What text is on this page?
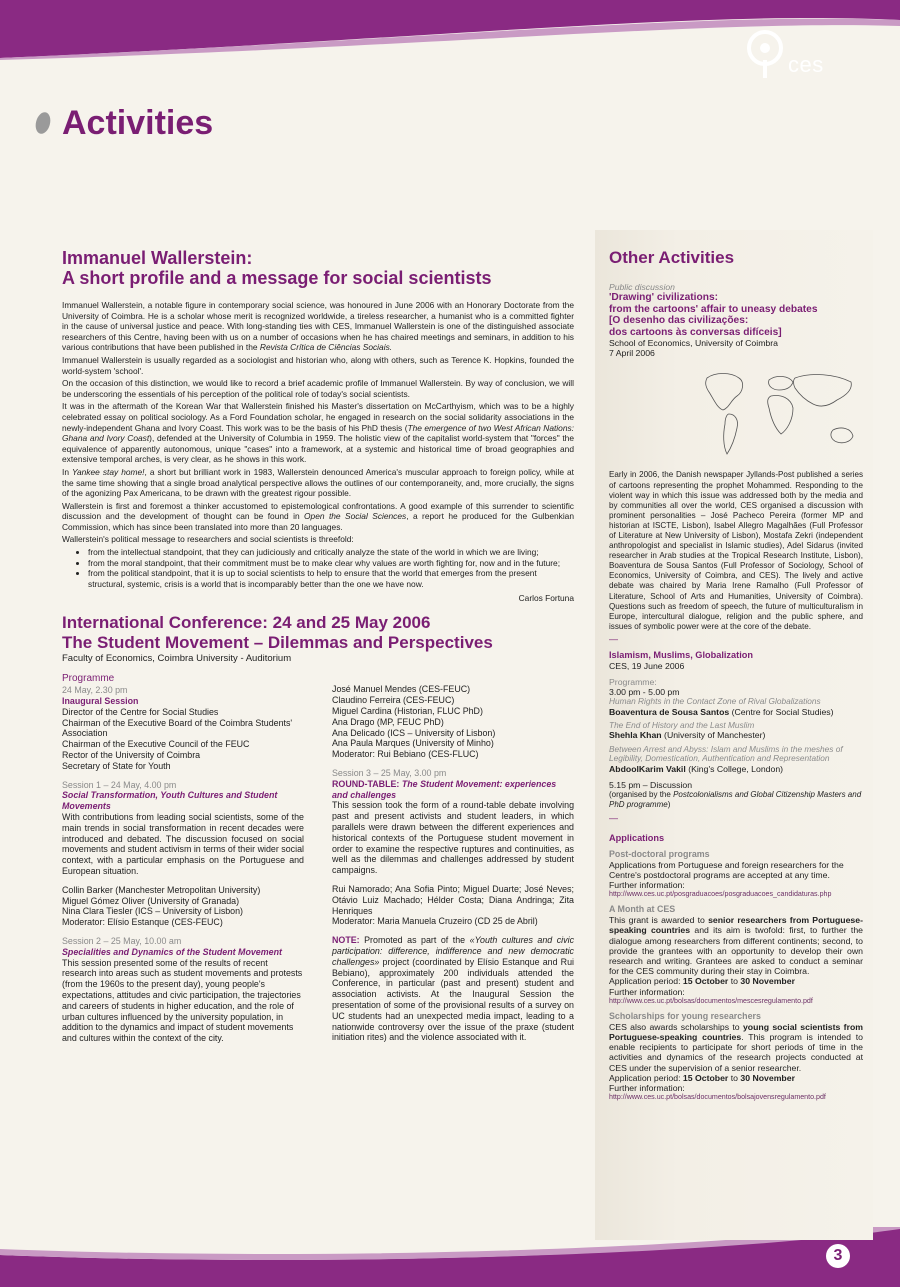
ces
Activities
Immanuel Wallerstein:
A short profile and a message for social scientists

Immanuel Wallerstein, a notable figure in contemporary social science, was honoured in June 2006 with an Honorary Doctorate from the University of Coimbra. He is a scholar whose merit is recognized worldwide, a tireless researcher, a humanist who is a committed fighter in the cause of universal justice and peace. With long-standing ties with CES, Immanuel Wallerstein is one of the distinguished associate researchers of this Centre, having been with us on a number of occasions when he has chaired meetings and seminars, in addition to his various contributions that have been published in the Revista Crítica de Ciências Sociais.

Immanuel Wallerstein is usually regarded as a sociologist and historian who, along with others, such as Terence K. Hopkins, founded the world-system 'school'.

On the occasion of this distinction, we would like to record a brief academic profile of Immanuel Wallerstein. By way of conclusion, we will be underscoring the essentials of his perception of the political role of today's social scientists.

It was in the aftermath of the Korean War that Wallerstein finished his Master's dissertation on McCarthyism, which was to be a highly celebrated essay on political sociology. As a Ford Foundation scholar, he engaged in research on the social solidarity associations in the newly-independent Ghana and Ivory Coast. This work was to be the basis of his PhD thesis (The emergence of two West African Nations: Ghana and Ivory Coast), defended at the University of Columbia in 1959. The holistic view of the capitalist world-system that "forces" the equivalence of apparently autonomous, unique "cases" into a framework, at a systemic and historical time of broad geographies and extensive temporal arches, is very clear, as he shows in this work.

In Yankee stay home!, a short but brilliant work in 1983, Wallerstein denounced America's muscular approach to foreign policy, while at the same time showing that a single broad analytical perspective allows the outlines of our contemporaneity, and, more crucially, the signs of the agonizing Pax Americana, to be drawn with the greatest rigour possible.

Wallerstein is first and foremost a thinker accustomed to epistemological confrontations. A good example of this surrender to scientific discussion and the development of thought can be found in Open the Social Sciences, a report he produced for the Gulbenkian Commission, which has since been translated into more than 20 languages.

Wallerstein's political message to researchers and social scientists is threefold:

• from the intellectual standpoint, that they can judiciously and critically analyze the state of the world in which we are living;
• from the moral standpoint, that their commitment must be to make clear why values are worth fighting for, now and in the future;
• from the political standpoint, that it is up to social scientists to help to ensure that the world that emerges from the present structural, systemic, crisis is a world that is incomparably better than the one we have now.

Carlos Fortuna

International Conference: 24 and 25 May 2006
The Student Movement – Dilemmas and Perspectives

Faculty of Economics, Coimbra University - Auditorium

Programme

24 May, 2.30 pm

Inaugural Session

Director of the Centre for Social Studies

Chairman of the Executive Board of the Coimbra Students' Association

Chairman of the Executive Council of the FEUC

Rector of the University of Coimbra

Secretary of State for Youth

Session 1 – 24 May, 4.00 pm

Social Transformation, Youth Cultures and Student Movements

With contributions from leading social scientists, some of the main trends in social transformation in recent decades were introduced and debated. The discussion focused on social movements and student activism in terms of their wider social context, with a particular emphasis on the Portuguese and European situation.

Collin Barker (Manchester Metropolitan University)

Miguel Gómez Oliver (University of Granada)

Nina Clara Tiesler (ICS – University of Lisbon)

Moderator: Elísio Estanque (CES-FEUC)

Session 2 – 25 May, 10.00 am

Specialities and Dynamics of the Student Movement

This session presented some of the results of recent research into areas such as student movements and protests (from the 1960s to the present day), young people's expectations, attitudes and civic participation, the trajectories and careers of students in higher education, and the role of urban cultures influenced by the university population, in addition to the dynamics and impact of student movements and cultures within the context of the city.

José Manuel Mendes (CES-FEUC)

Claudino Ferreira (CES-FEUC)

Miguel Cardina (Historian, FLUC PhD)

Ana Drago (MP, FEUC PhD)

Ana Delicado (ICS – University of Lisbon)

Ana Paula Marques (University of Minho)

Moderator: Rui Bebiano (CES-FLUC)

Session 3 – 25 May, 3.00 pm

ROUND-TABLE: The Student Movement: experiences and challenges

This session took the form of a round-table debate involving past and present activists and student leaders, in which parallels were drawn between the different experiences and historical contexts of the Portuguese student movement in order to examine the respective ruptures and continuities, as well as the dilemmas and challenges addressed by student campaigns.

Rui Namorado; Ana Sofia Pinto; Miguel Duarte; José Neves; Otávio Luiz Machado; Hélder Costa; Diana Andringa; Zita Henriques

Moderator: Maria Manuela Cruzeiro (CD 25 de Abril)

NOTE: Promoted as part of the «Youth cultures and civic participation: difference, indifference and new democratic challenges» project (coordinated by Elísio Estanque and Rui Bebiano), approximately 200 individuals attended the Conference, in particular (past and present) student and association activists. At the Inaugural Session the presentation of some of the provisional results of a survey on UC students had an unexpected media impact, leading to a nationwide controversy over the issue of the praxe (student initiation rites) and the violence associated with it.

Other Activities

Public discussion

'Drawing' civilizations:
from the cartoons' affair to uneasy debates
[O desenho das civilizações:
dos cartoons às conversas difíceis]

School of Economics, University of Coimbra

7 April 2006

Early in 2006, the Danish newspaper Jyllands-Post published a series of cartoons representing the prophet Mohammed. Responding to the violent way in which this issue was addressed both by the media and by communities all over the world, CES organised a discussion with prominent personalities – José Pacheco Pereira (former MP and historian at ISCTE, Lisbon), Isabel Allegro Magalhães (Full Professor of Literature at New University of Lisbon), Mostafa Zekri (independent anthropologist and specialist in Islamic studies), Adel Sidarus (invited researcher in Arab studies at the Tropical Research Institute, Lisbon), Boaventura de Sousa Santos (Full Professor of Sociology, School of Economics, University of Coimbra, and CES). The lively and active debate was chaired by Maria Irene Ramalho (Full Professor of Literature, School of Arts and Humanities, University of Coimbra). Questions such as freedom of speech, the future of multiculturalism in Europe, intercultural dialogue, religion and the public sphere, and issues of symbolic power were at the core of the debate.

—

Islamism, Muslims, Globalization

CES, 19 June 2006

Programme:

3.00 pm - 5.00 pm

Human Rights in the Contact Zone of Rival Globalizations

Boaventura de Sousa Santos (Centre for Social Studies)

The End of History and the Last Muslim

Shehla Khan (University of Manchester)

Between Arrest and Abyss: Islam and Muslims in the meshes of Legibility, Domestication, Authentication and Representation

AbdoolKarim Vakil (King's College, London)

5.15 pm – Discussion

(organised by the Postcolonialisms and Global Citizenship Masters and PhD programme)

—

Applications

Post-doctoral programs

Applications from Portuguese and foreign researchers for the Centre's postdoctoral programs are accepted at any time.

Further information:

http://www.ces.uc.pt/posgraduacoes/posgraduacoes_candidaturas.php

A Month at CES

This grant is awarded to senior researchers from Portuguese-speaking countries and its aim is twofold: first, to further the dialogue among researchers from different continents; second, to provide the grantees with an opportunity to develop their own research and writing. Grantees are asked to conduct a seminar for the CES community during their stay in Coimbra.

Application period: 15 October to 30 November

Further information:

http://www.ces.uc.pt/bolsas/documentos/mescesregulamento.pdf

Scholarships for young researchers

CES also awards scholarships to young social scientists from Portuguese-speaking countries. This program is intended to enable recipients to participate for short periods of time in the activities and dynamics of the research projects conducted at CES under the supervision of a senior researcher.

Application period: 15 October to 30 November

Further information:

http://www.ces.uc.pt/bolsas/documentos/bolsajovensregulamento.pdf

3
